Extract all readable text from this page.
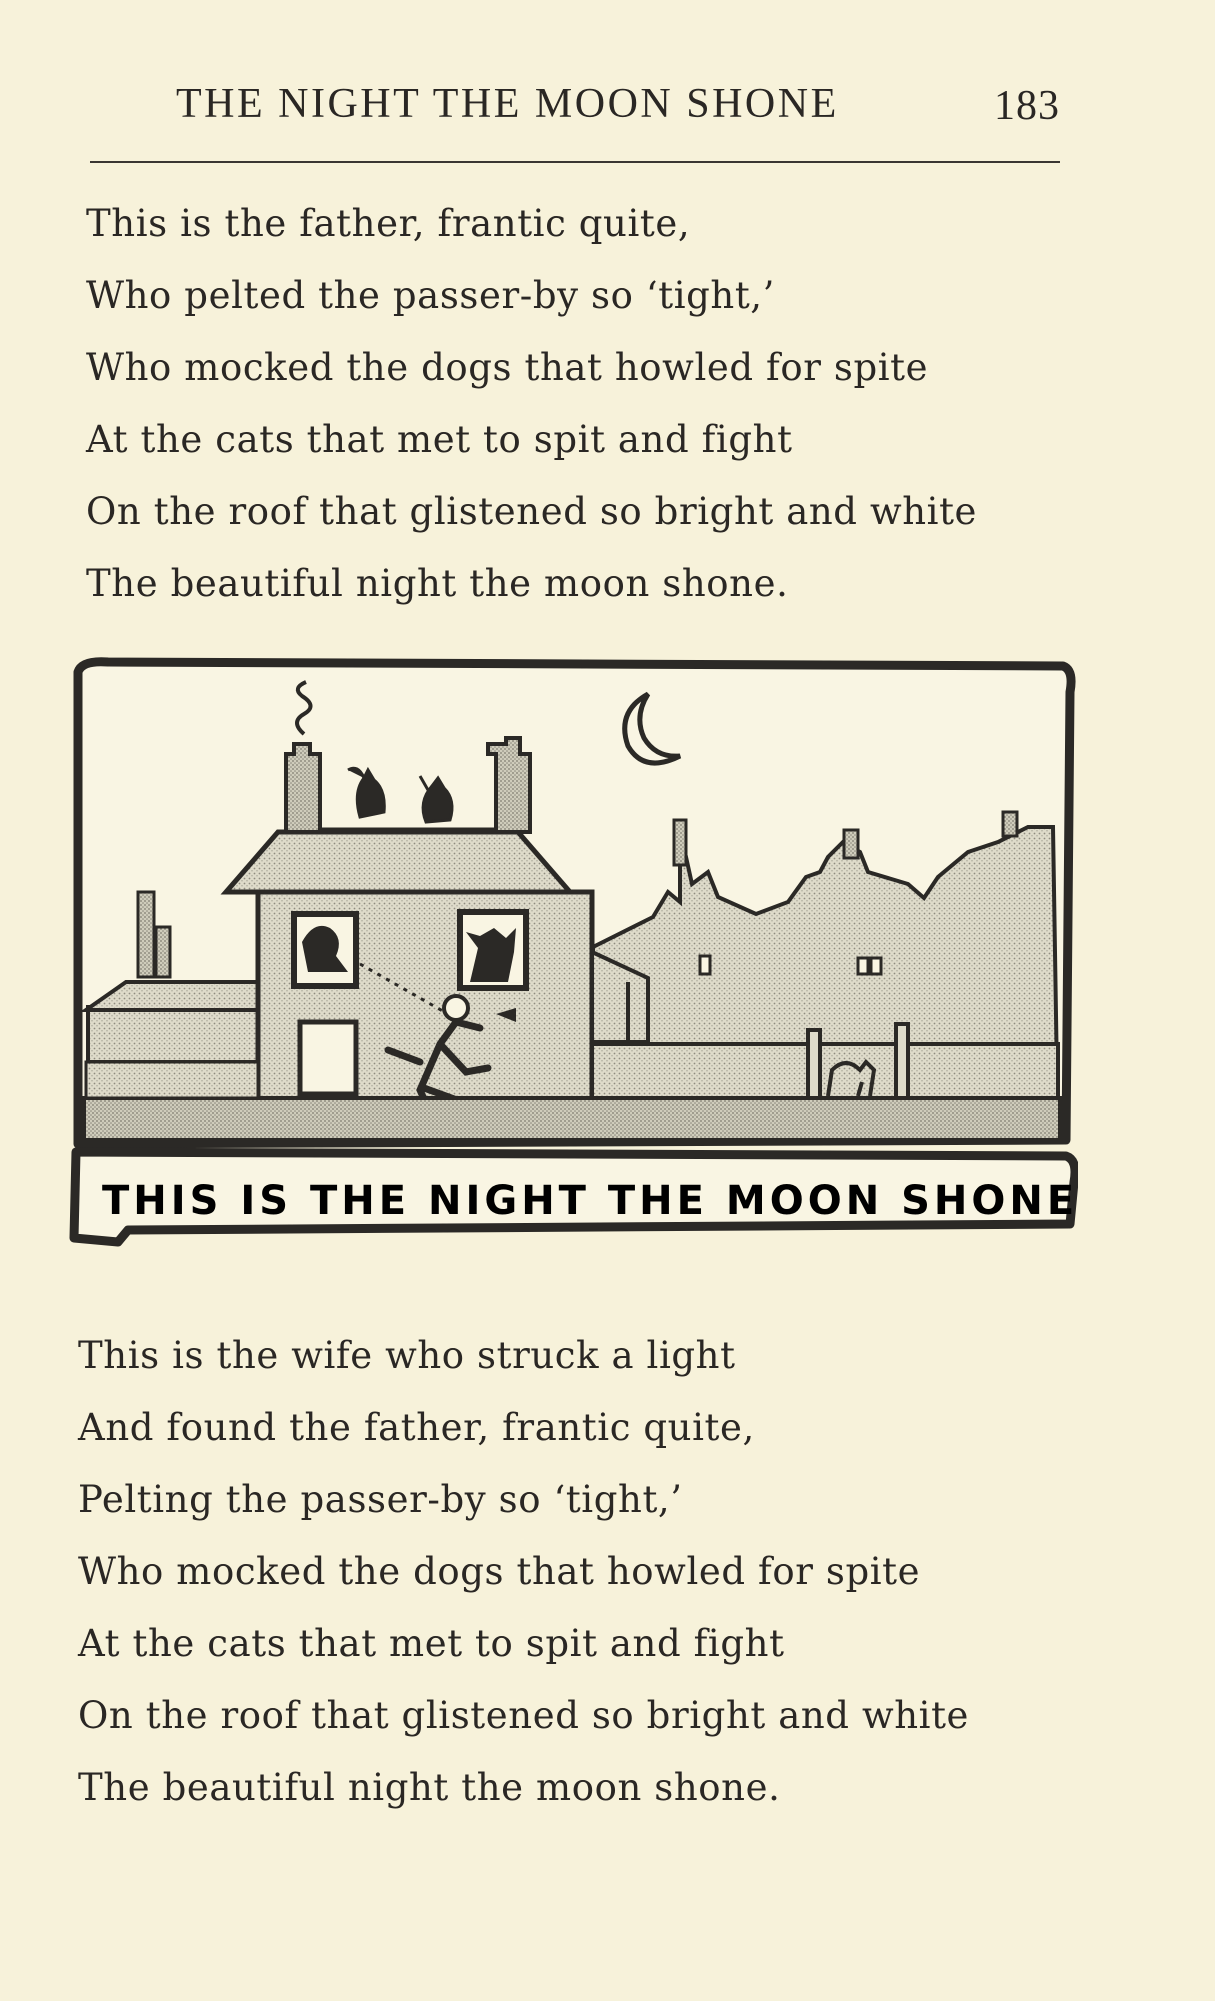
THE NIGHT THE MOON SHONE	183
This is the father, frantic quite,
Who pelted the passer-by so ‘tight,’
Who mocked the dogs that howled for spite
At the cats that met to spit and fight
On the roof that glistened so bright and white
The beautiful night the moon shone.
THIS IS THE NIGHT THE MOON SHONE
This is the wife who struck a light
And found the father, frantic quite,
Pelting the passer-by so ‘tight,’
Who mocked the dogs that howled for spite
At the cats that met to spit and fight
On the roof that glistened so bright and white
The beautiful night the moon shone.
